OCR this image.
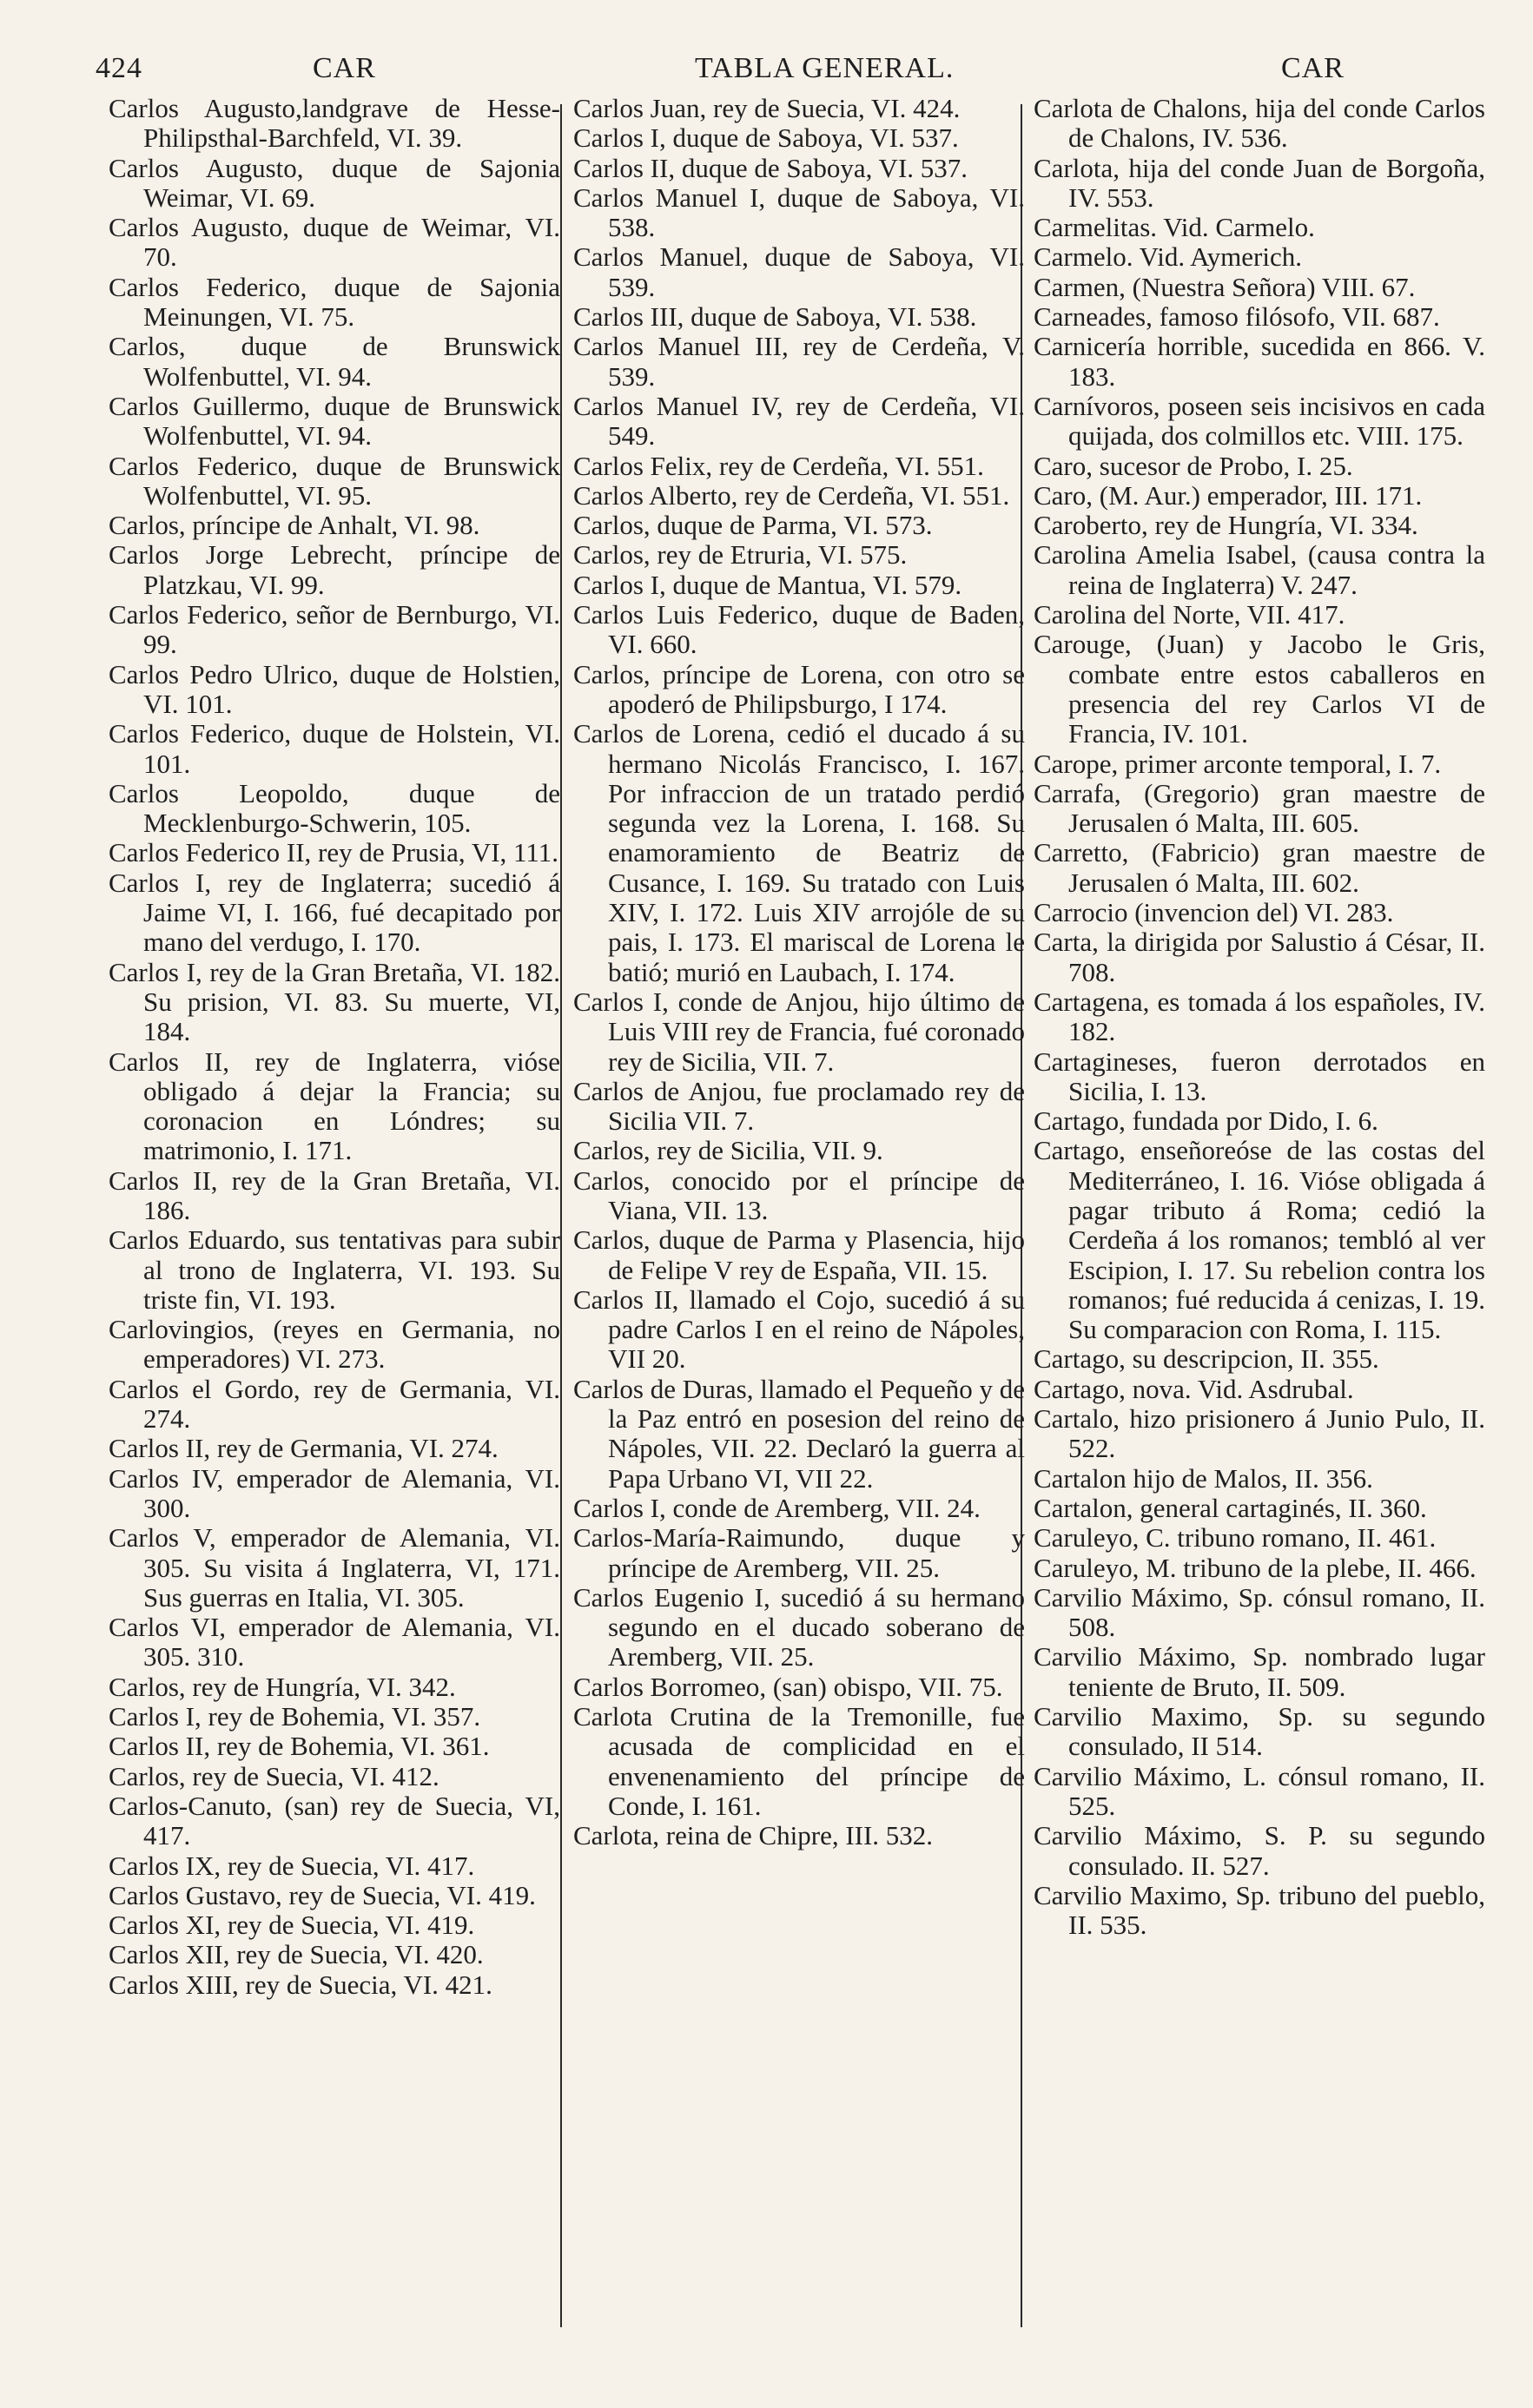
424	CAR	TABLA GENERAL.	CAR

Carlos Augusto,landgrave de Hesse-Philipsthal-Barchfeld, VI. 39.

Carlos Augusto, duque de Sajonia Weimar, VI. 69.

Carlos Augusto, duque de Weimar, VI. 70.

Carlos Federico, duque de Sajonia Meinungen, VI. 75.

Carlos, duque de Brunswick Wolfenbuttel, VI. 94.

Carlos Guillermo, duque de Brunswick Wolfenbuttel, VI. 94.

Carlos Federico, duque de Brunswick Wolfenbuttel, VI. 95.

Carlos, príncipe de Anhalt, VI. 98.

Carlos Jorge Lebrecht, príncipe de Platzkau, VI. 99.

Carlos Federico, señor de Bernburgo, VI. 99.

Carlos Pedro Ulrico, duque de Holstien, VI. 101.

Carlos Federico, duque de Holstein, VI. 101.

Carlos Leopoldo, duque de Mecklenburgo-Schwerin, 105.

Carlos Federico II, rey de Prusia, VI, 111.

Carlos I, rey de Inglaterra; sucedió á Jaime VI, I. 166, fué decapitado por mano del verdugo, I. 170.

Carlos I, rey de la Gran Bretaña, VI. 182. Su prision, VI. 83. Su muerte, VI, 184.

Carlos II, rey de Inglaterra, vióse obligado á dejar la Francia; su coronacion en Lóndres; su matrimonio, I. 171.

Carlos II, rey de la Gran Bretaña, VI. 186.

Carlos Eduardo, sus tentativas para subir al trono de Inglaterra, VI. 193. Su triste fin, VI. 193.

Carlovingios, (reyes en Germania, no emperadores) VI. 273.

Carlos el Gordo, rey de Germania, VI. 274.

Carlos II, rey de Germania, VI. 274.

Carlos IV, emperador de Alemania, VI. 300.

Carlos V, emperador de Alemania, VI. 305. Su visita á Inglaterra, VI, 171. Sus guerras en Italia, VI. 305.

Carlos VI, emperador de Alemania, VI. 305. 310.

Carlos, rey de Hungría, VI. 342.

Carlos I, rey de Bohemia, VI. 357.

Carlos II, rey de Bohemia, VI. 361.

Carlos, rey de Suecia, VI. 412.

Carlos-Canuto, (san) rey de Suecia, VI, 417.

Carlos IX, rey de Suecia, VI. 417.

Carlos Gustavo, rey de Suecia, VI. 419.

Carlos XI, rey de Suecia, VI. 419.

Carlos XII, rey de Suecia, VI. 420.

Carlos XIII, rey de Suecia, VI. 421.

Carlos Juan, rey de Suecia, VI. 424.

Carlos I, duque de Saboya, VI. 537.

Carlos II, duque de Saboya, VI. 537.

Carlos Manuel I, duque de Saboya, VI. 538.

Carlos Manuel, duque de Saboya, VI. 539.

Carlos III, duque de Saboya, VI. 538.

Carlos Manuel III, rey de Cerdeña, V. 539.

Carlos Manuel IV, rey de Cerdeña, VI. 549.

Carlos Felix, rey de Cerdeña, VI. 551.

Carlos Alberto, rey de Cerdeña, VI. 551.

Carlos, duque de Parma, VI. 573.

Carlos, rey de Etruria, VI. 575.

Carlos I, duque de Mantua, VI. 579.

Carlos Luis Federico, duque de Baden, VI. 660.

Carlos, príncipe de Lorena, con otro se apoderó de Philipsburgo, I 174.

Carlos de Lorena, cedió el ducado á su hermano Nicolás Francisco, I. 167. Por infraccion de un tratado perdió segunda vez la Lorena, I. 168. Su enamoramiento de Beatriz de Cusance, I. 169. Su tratado con Luis XIV, I. 172. Luis XIV arrojóle de su pais, I. 173. El mariscal de Lorena le batió; murió en Laubach, I. 174.

Carlos I, conde de Anjou, hijo último de Luis VIII rey de Francia, fué coronado rey de Sicilia, VII. 7.

Carlos de Anjou, fue proclamado rey de Sicilia VII. 7.

Carlos, rey de Sicilia, VII. 9.

Carlos, conocido por el príncipe de Viana, VII. 13.

Carlos, duque de Parma y Plasencia, hijo de Felipe V rey de España, VII. 15.

Carlos II, llamado el Cojo, sucedió á su padre Carlos I en el reino de Nápoles, VII 20.

Carlos de Duras, llamado el Pequeño y de la Paz entró en posesion del reino de Nápoles, VII. 22. Declaró la guerra al Papa Urbano VI, VII 22.

Carlos I, conde de Aremberg, VII. 24.

Carlos-María-Raimundo, duque y príncipe de Aremberg, VII. 25.

Carlos Eugenio I, sucedió á su hermano segundo en el ducado soberano de Aremberg, VII. 25.

Carlos Borromeo, (san) obispo, VII. 75.

Carlota Crutina de la Tremonille, fue acusada de complicidad en el envenenamiento del príncipe de Conde, I. 161.

Carlota, reina de Chipre, III. 532.

Carlota de Chalons, hija del conde Carlos de Chalons, IV. 536.

Carlota, hija del conde Juan de Borgoña, IV. 553.

Carmelitas. Vid. Carmelo.

Carmelo. Vid. Aymerich.

Carmen, (Nuestra Señora) VIII. 67.

Carneades, famoso filósofo, VII. 687.

Carnicería horrible, sucedida en 866. V. 183.

Carnívoros, poseen seis incisivos en cada quijada, dos colmillos etc. VIII. 175.

Caro, sucesor de Probo, I. 25.

Caro, (M. Aur.) emperador, III. 171.

Caroberto, rey de Hungría, VI. 334.

Carolina Amelia Isabel, (causa contra la reina de Inglaterra) V. 247.

Carolina del Norte, VII. 417.

Carouge, (Juan) y Jacobo le Gris, combate entre estos caballeros en presencia del rey Carlos VI de Francia, IV. 101.

Carope, primer arconte temporal, I. 7.

Carrafa, (Gregorio) gran maestre de Jerusalen ó Malta, III. 605.

Carretto, (Fabricio) gran maestre de Jerusalen ó Malta, III. 602.

Carrocio (invencion del) VI. 283.

Carta, la dirigida por Salustio á César, II. 708.

Cartagena, es tomada á los españoles, IV. 182.

Cartagineses, fueron derrotados en Sicilia, I. 13.

Cartago, fundada por Dido, I. 6.

Cartago, enseñoreóse de las costas del Mediterráneo, I. 16. Vióse obligada á pagar tributo á Roma; cedió la Cerdeña á los romanos; tembló al ver Escipion, I. 17. Su rebelion contra los romanos; fué reducida á cenizas, I. 19. Su comparacion con Roma, I. 115.

Cartago, su descripcion, II. 355.

Cartago, nova. Vid. Asdrubal.

Cartalo, hizo prisionero á Junio Pulo, II. 522.

Cartalon hijo de Malos, II. 356.

Cartalon, general cartaginés, II. 360.

Caruleyo, C. tribuno romano, II. 461.

Caruleyo, M. tribuno de la plebe, II. 466.

Carvilio Máximo, Sp. cónsul romano, II. 508.

Carvilio Máximo, Sp. nombrado lugar teniente de Bruto, II. 509.

Carvilio Maximo, Sp. su segundo consulado, II 514.

Carvilio Máximo, L. cónsul romano, II. 525.

Carvilio Máximo, S. P. su segundo consulado. II. 527.

Carvilio Maximo, Sp. tribuno del pueblo, II. 535.
